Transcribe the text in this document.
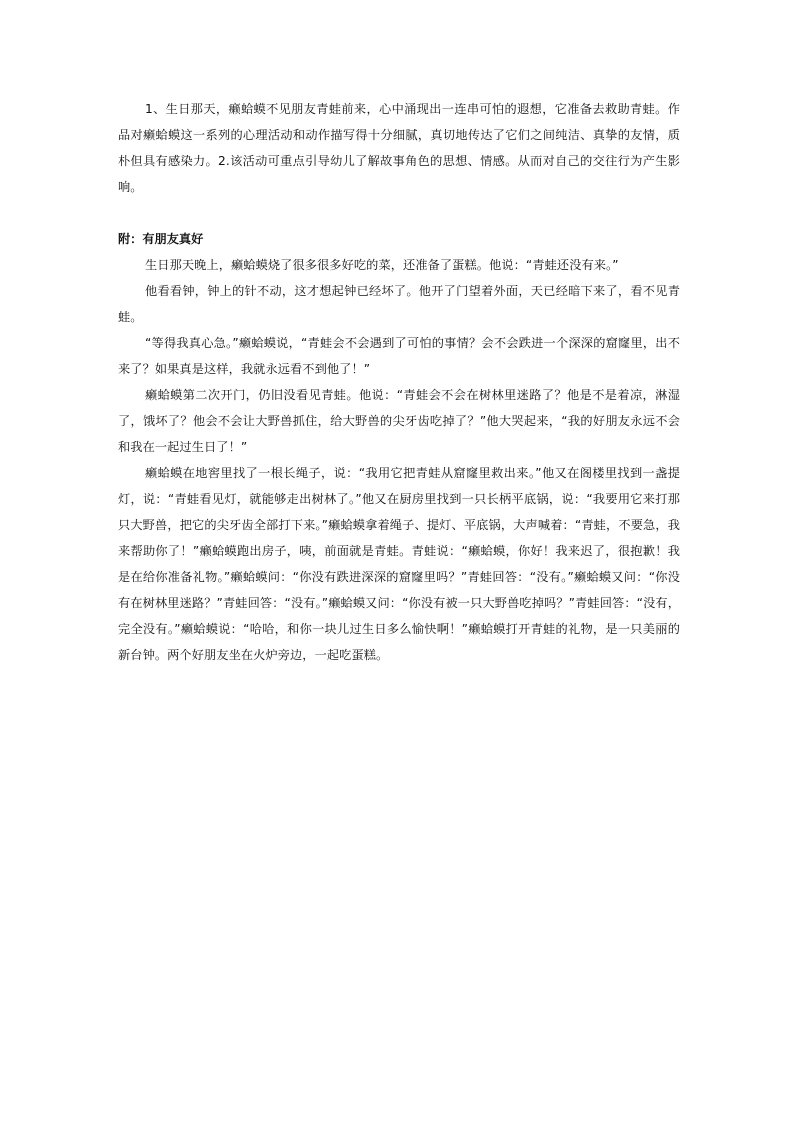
1、生日那天，癞蛤蟆不见朋友青蛙前来，心中涌现出一连串可怕的遐想，它准备去救助青蛙。作品对癞蛤蟆这一系列的心理活动和动作描写得十分细腻，真切地传达了它们之间纯洁、真挚的友情，质朴但具有感染力。2.该活动可重点引导幼儿了解故事角色的思想、情感。从而对自己的交往行为产生影响。

附：有朋友真好

生日那天晚上，癞蛤蟆烧了很多很多好吃的菜，还准备了蛋糕。他说：“青蛙还没有来。”

他看看钟，钟上的针不动，这才想起钟已经坏了。他开了门望着外面，天已经暗下来了，看不见青蛙。

“等得我真心急。”癞蛤蟆说，“青蛙会不会遇到了可怕的事情？会不会跌进一个深深的窟窿里，出不来了？如果真是这样，我就永远看不到他了！”

癞蛤蟆第二次开门，仍旧没看见青蛙。他说：“青蛙会不会在树林里迷路了？他是不是着凉，淋湿了，饿坏了？他会不会让大野兽抓住，给大野兽的尖牙齿吃掉了？”他大哭起来，“我的好朋友永远不会和我在一起过生日了！”

癞蛤蟆在地窖里找了一根长绳子，说：“我用它把青蛙从窟窿里救出来。”他又在阁楼里找到一盏提灯，说：“青蛙看见灯，就能够走出树林了。”他又在厨房里找到一只长柄平底锅，说：“我要用它来打那只大野兽，把它的尖牙齿全部打下来。”癞蛤蟆拿着绳子、提灯、平底锅，大声喊着：“青蛙，不要急，我来帮助你了！”癞蛤蟆跑出房子，咦，前面就是青蛙。青蛙说：“癞蛤蟆，你好！我来迟了，很抱歉！我是在给你准备礼物。”癞蛤蟆问：“你没有跌进深深的窟窿里吗？”青蛙回答：“没有。”癞蛤蟆又问：“你没有在树林里迷路？”青蛙回答：“没有。”癞蛤蟆又问：“你没有被一只大野兽吃掉吗？”青蛙回答：“没有，完全没有。”癞蛤蟆说：“哈哈，和你一块儿过生日多么愉快啊！”癞蛤蟆打开青蛙的礼物，是一只美丽的新台钟。两个好朋友坐在火炉旁边，一起吃蛋糕。
